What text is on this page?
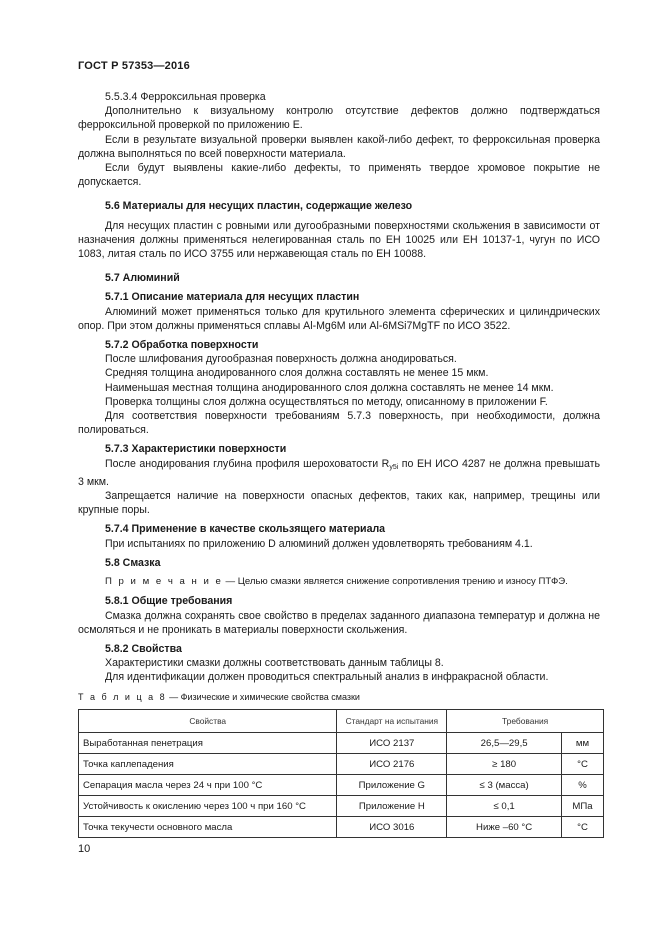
ГОСТ Р 57353—2016

5.5.3.4 Ферроксильная проверка

Дополнительно к визуальному контролю отсутствие дефектов должно подтверждаться ферроксильной проверкой по приложению E.

Если в результате визуальной проверки выявлен какой-либо дефект, то ферроксильная проверка должна выполняться по всей поверхности материала.

Если будут выявлены какие-либо дефекты, то применять твердое хромовое покрытие не допускается.

5.6 Материалы для несущих пластин, содержащие железо

Для несущих пластин с ровными или дугообразными поверхностями скольжения в зависимости от назначения должны применяться нелегированная сталь по ЕН 10025 или ЕН 10137-1, чугун по ИСО 1083, литая сталь по ИСО 3755 или нержавеющая сталь по ЕН 10088.

5.7 Алюминий

5.7.1 Описание материала для несущих пластин

Алюминий может применяться только для крутильного элемента сферических и цилиндрических опор. При этом должны применяться сплавы Al-Mg6M или Al-6MSi7MgTF по ИСО 3522.

5.7.2 Обработка поверхности

После шлифования дугообразная поверхность должна анодироваться.

Средняя толщина анодированного слоя должна составлять не менее 15 мкм.

Наименьшая местная толщина анодированного слоя должна составлять не менее 14 мкм.

Проверка толщины слоя должна осуществляться по методу, описанному в приложении F.

Для соответствия поверхности требованиям 5.7.3 поверхность, при необходимости, должна полироваться.

5.7.3 Характеристики поверхности

После анодирования глубина профиля шероховатости $R_{y5i}$ по ЕН ИСО 4287 не должна превышать 3 мкм.

Запрещается наличие на поверхности опасных дефектов, таких как, например, трещины или крупные поры.

5.7.4 Применение в качестве скользящего материала

При испытаниях по приложению D алюминий должен удовлетворять требованиям 4.1.

5.8 Смазка

П р и м е ч а н и е — Целью смазки является снижение сопротивления трению и износу ПТФЭ.

5.8.1 Общие требования

Смазка должна сохранять свое свойство в пределах заданного диапазона температур и должна не осмоляться и не проникать в материалы поверхности скольжения.

5.8.2 Свойства

Характеристики смазки должны соответствовать данным таблицы 8.

Для идентификации должен проводиться спектральный анализ в инфракрасной области.

Т а б л и ц а 8 — Физические и химические свойства смазки
Свойства	Стандарт на испытания	Требования	
Выработанная пенетрация	ИСО 2137	26,5—29,5	мм
Точка каплепадения	ИСО 2176	≥ 180	°С
Сепарация масла через 24 ч при 100 °С	Приложение G	≤ 3 (масса)	%
Устойчивость к окислению через 100 ч при 160 °С	Приложение H	≤ 0,1	МПа
Точка текучести основного масла	ИСО 3016	Ниже –60 °С	°С
10
